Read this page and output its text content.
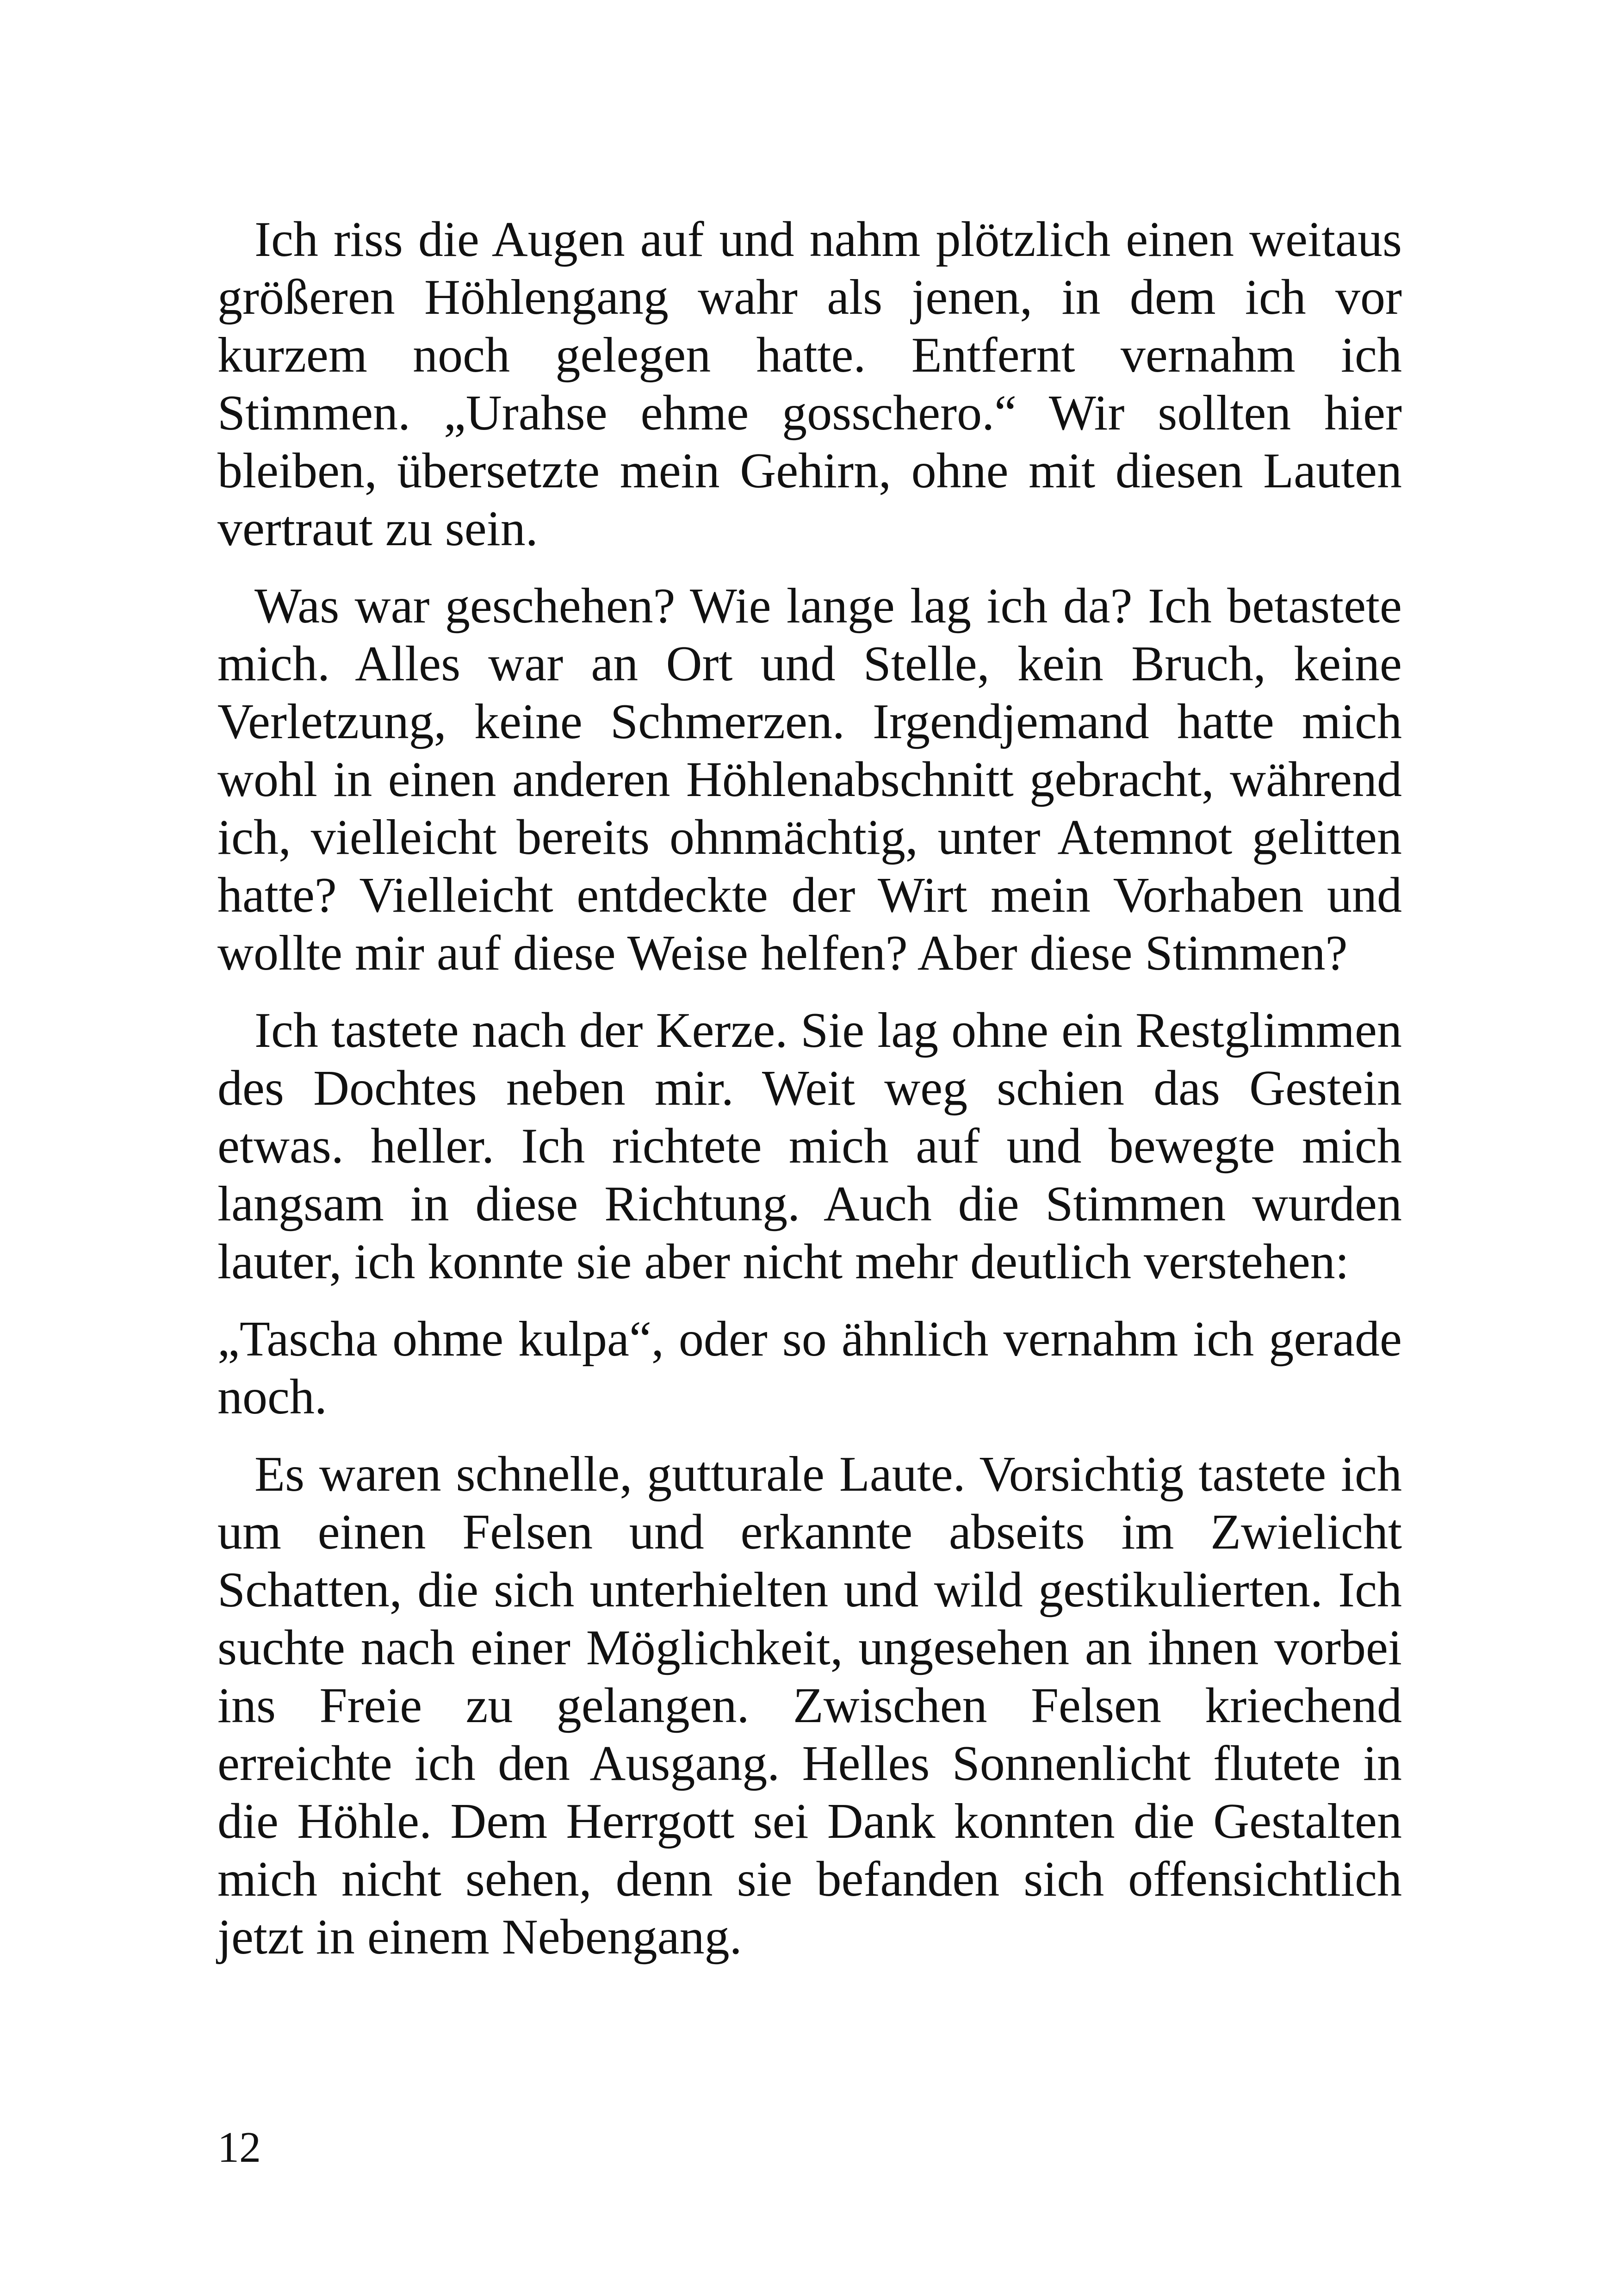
Ich riss die Augen auf und nahm plötzlich einen weitaus größeren Höhlengang wahr als jenen, in dem ich vor kurzem noch gelegen hatte. Entfernt vernahm ich Stimmen. „Urahse ehme gosschero.“ Wir sollten hier bleiben, übersetzte mein Gehirn, ohne mit diesen Lauten vertraut zu sein.

Was war geschehen? Wie lange lag ich da? Ich betastete mich. Alles war an Ort und Stelle, kein Bruch, keine Verletzung, keine Schmerzen. Irgendjemand hatte mich wohl in einen anderen Höhlenabschnitt gebracht, während ich, vielleicht bereits ohnmächtig, unter Atemnot gelitten hatte? Vielleicht entdeckte der Wirt mein Vorhaben und wollte mir auf diese Weise helfen? Aber diese Stimmen?

Ich tastete nach der Kerze. Sie lag ohne ein Restglimmen des Dochtes neben mir. Weit weg schien das Gestein etwas. heller. Ich richtete mich auf und bewegte mich langsam in diese Richtung. Auch die Stimmen wurden lauter, ich konnte sie aber nicht mehr deutlich verstehen:

„Tascha ohme kulpa“, oder so ähnlich vernahm ich gerade noch.

Es waren schnelle, gutturale Laute. Vorsichtig tastete ich um einen Felsen und erkannte abseits im Zwielicht Schatten, die sich unterhielten und wild gestikulierten. Ich suchte nach einer Möglichkeit, ungesehen an ihnen vorbei ins Freie zu gelangen. Zwischen Felsen kriechend erreichte ich den Ausgang. Helles Sonnenlicht flutete in die Höhle. Dem Herrgott sei Dank konnten die Gestalten mich nicht sehen, denn sie befanden sich offensichtlich jetzt in einem Nebengang.

12
